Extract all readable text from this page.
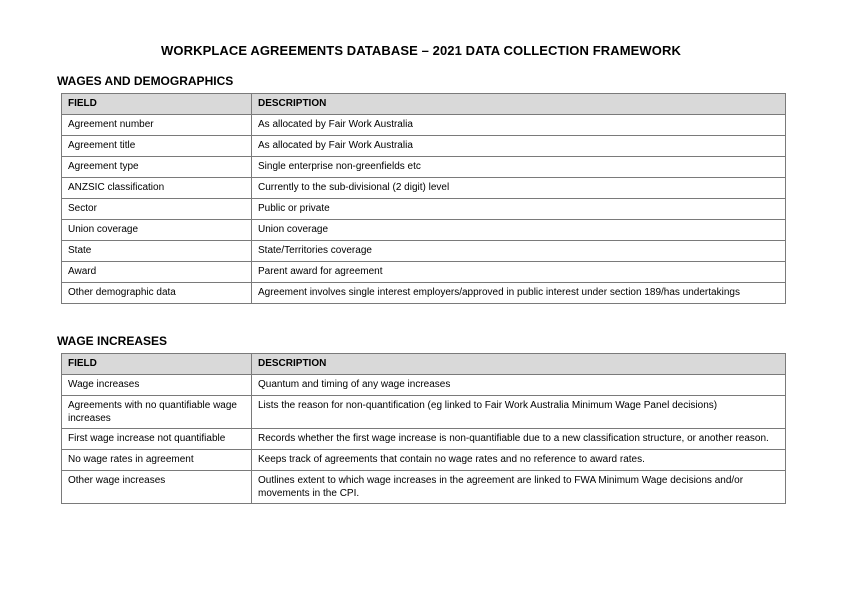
WORKPLACE AGREEMENTS DATABASE – 2021 DATA COLLECTION FRAMEWORK
WAGES AND DEMOGRAPHICS
FIELD	DESCRIPTION
Agreement number	As allocated by Fair Work Australia
Agreement title	As allocated by Fair Work Australia
Agreement type	Single enterprise non-greenfields etc
ANZSIC classification	Currently to the sub-divisional (2 digit) level
Sector	Public or private
Union coverage	Union coverage
State	State/Territories coverage
Award	Parent award for agreement
Other demographic data	Agreement involves single interest employers/approved in public interest under section 189/has undertakings
WAGE INCREASES
FIELD	DESCRIPTION
Wage increases	Quantum and timing of any wage increases
Agreements with no quantifiable wage increases	Lists the reason for non-quantification (eg linked to Fair Work Australia Minimum Wage Panel decisions)
First wage increase not quantifiable	Records whether the first wage increase is non-quantifiable due to a new classification structure, or another reason.
No wage rates in agreement	Keeps track of agreements that contain no wage rates and no reference to award rates.
Other wage increases	Outlines extent to which wage increases in the agreement are linked to FWA Minimum Wage decisions and/or movements in the CPI.
